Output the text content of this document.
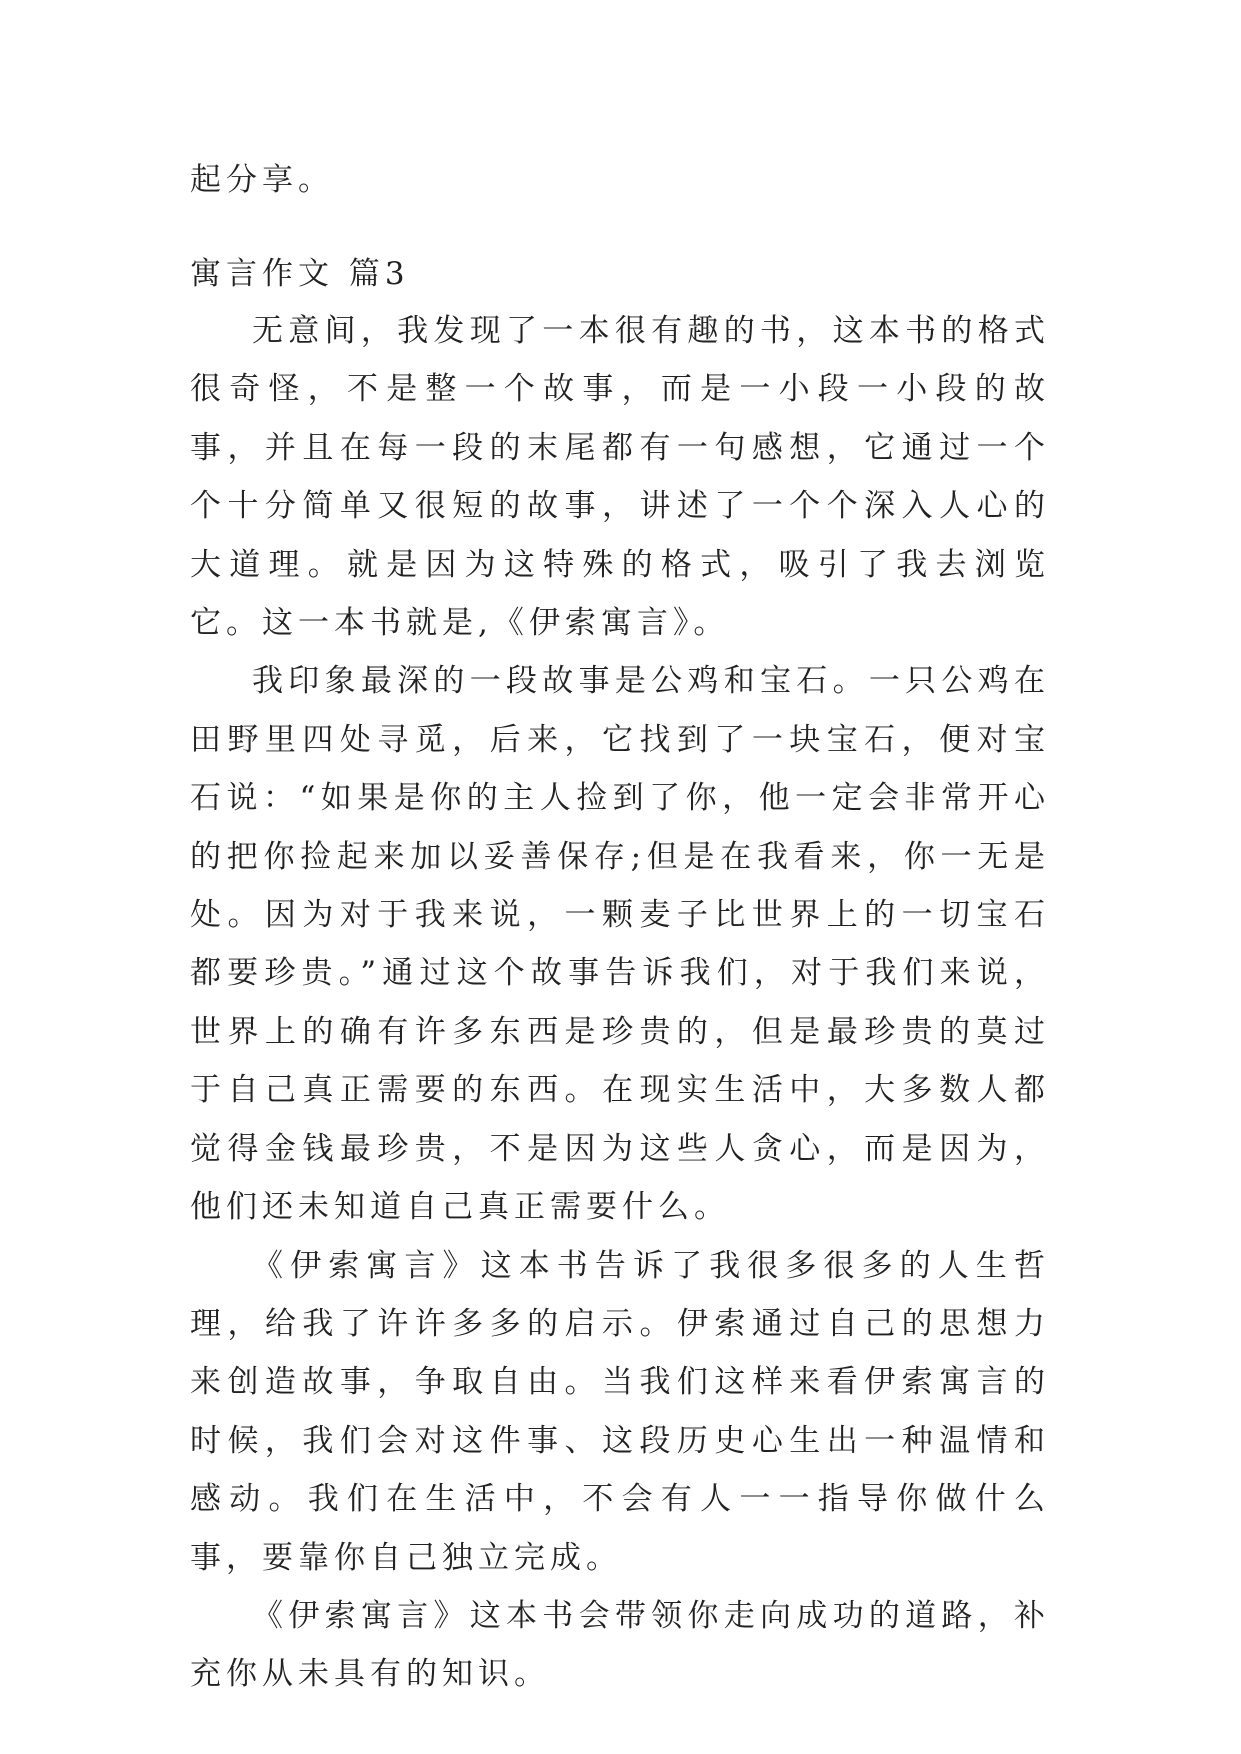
起分享。

寓言作文 篇3

无意间，我发现了一本很有趣的书，这本书的格式很奇怪，不是整一个故事，而是一小段一小段的故事，并且在每一段的末尾都有一句感想，它通过一个个十分简单又很短的故事，讲述了一个个深入人心的大道理。就是因为这特殊的格式，吸引了我去浏览它。这一本书就是,《伊索寓言》。

我印象最深的一段故事是公鸡和宝石。一只公鸡在田野里四处寻觅，后来，它找到了一块宝石，便对宝石说：“如果是你的主人捡到了你，他一定会非常开心的把你捡起来加以妥善保存;但是在我看来，你一无是处。因为对于我来说，一颗麦子比世界上的一切宝石都要珍贵。”通过这个故事告诉我们，对于我们来说，世界上的确有许多东西是珍贵的，但是最珍贵的莫过于自己真正需要的东西。在现实生活中，大多数人都觉得金钱最珍贵，不是因为这些人贪心，而是因为，他们还未知道自己真正需要什么。

《伊索寓言》这本书告诉了我很多很多的人生哲理，给我了许许多多的启示。伊索通过自己的思想力来创造故事，争取自由。当我们这样来看伊索寓言的时候，我们会对这件事、这段历史心生出一种温情和感动。我们在生活中，不会有人一一指导你做什么事，要靠你自己独立完成。

《伊索寓言》这本书会带领你走向成功的道路，补充你从未具有的知识。
